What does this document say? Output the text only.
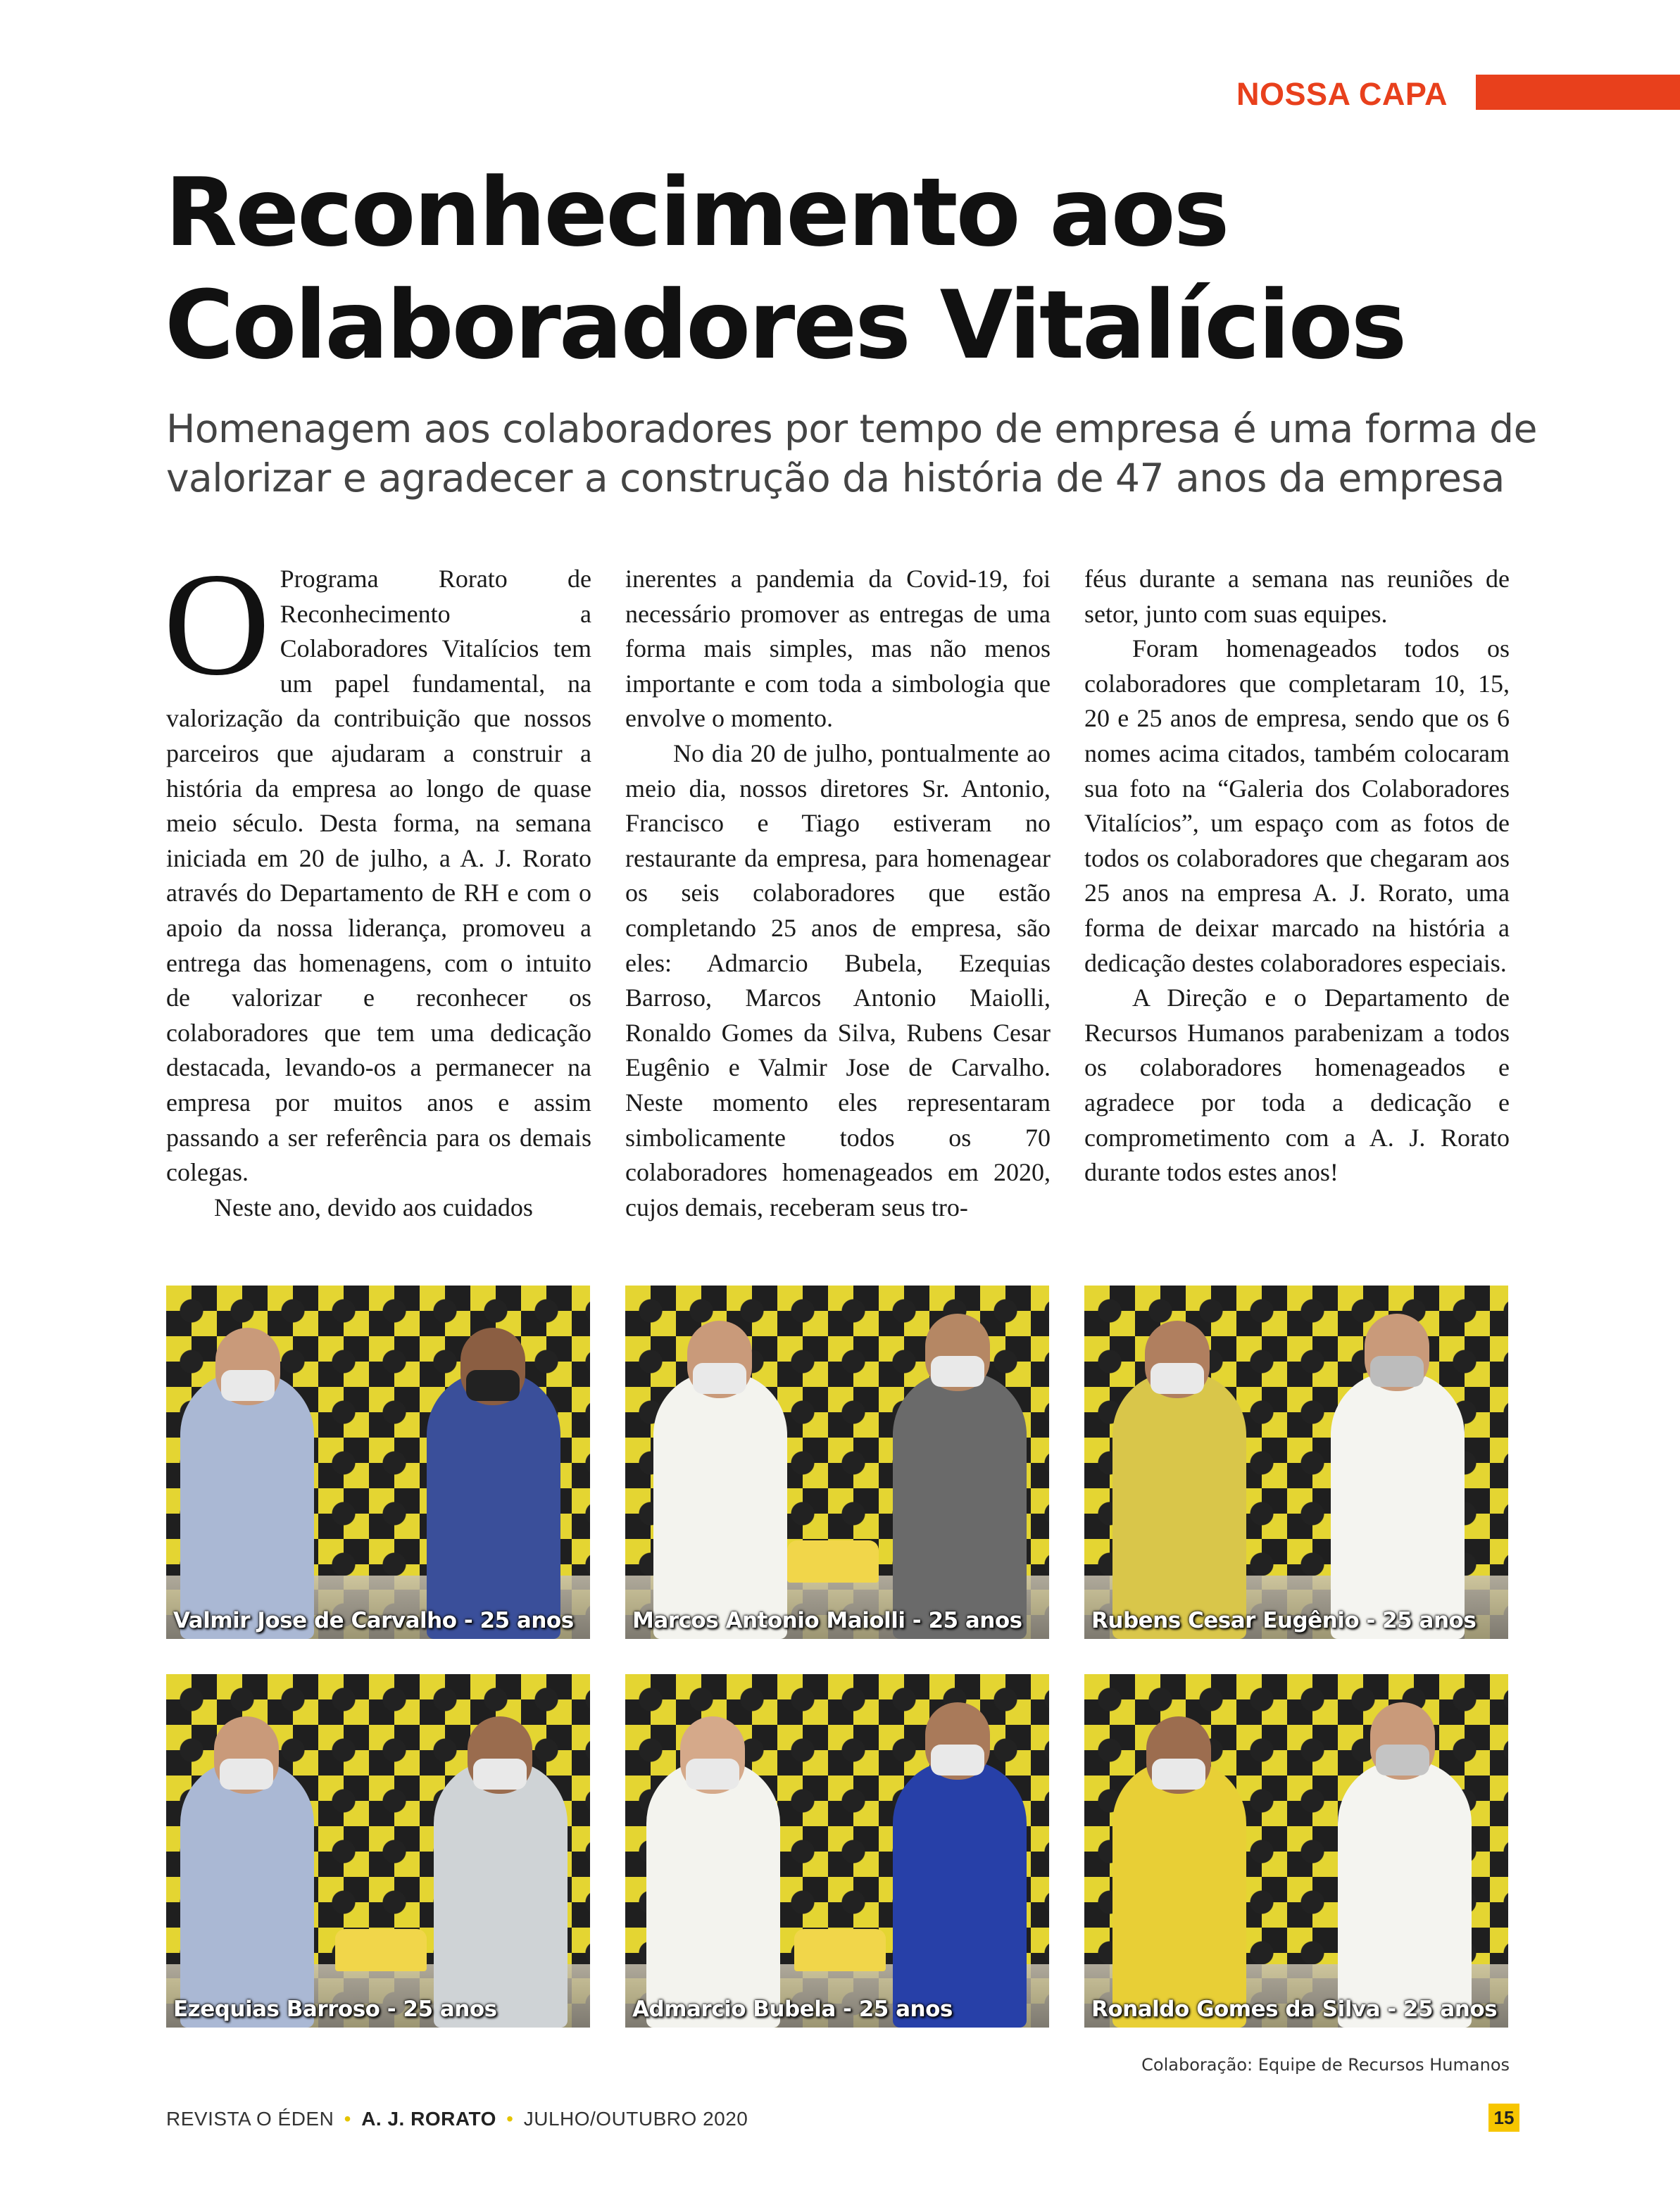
NOSSA CAPA
Reconhecimento aos
Colaboradores Vitalícios
Homenagem aos colaboradores por tempo de empresa é uma forma de
valorizar e agradecer a construção da história de 47 anos da empresa

O Programa Rorato de Reconhecimento a Colaboradores Vitalícios tem um papel fundamental, na valorização da contribuição que nossos parceiros que ajudaram a construir a história da empresa ao longo de quase meio século. Desta forma, na semana iniciada em 20 de julho, a A. J. Rorato através do Departamento de RH e com o apoio da nossa liderança, promoveu a entrega das homenagens, com o intuito de valorizar e reconhecer os colaboradores que tem uma dedicação destacada, levando-os a permanecer na empresa por muitos anos e assim passando a ser referência para os demais colegas.

Neste ano, devido aos cuidados

inerentes a pandemia da Covid-19, foi necessário promover as entregas de uma forma mais simples, mas não menos importante e com toda a simbologia que envolve o momento.

No dia 20 de julho, pontualmente ao meio dia, nossos diretores Sr. Antonio, Francisco e Tiago estiveram no restaurante da empresa, para homenagear os seis colaboradores que estão completando 25 anos de empresa, são eles: Admarcio Bubela, Ezequias Barroso, Marcos Antonio Maiolli, Ronaldo Gomes da Silva, Rubens Cesar Eugênio e Valmir Jose de Carvalho. Neste momento eles representaram simbolicamente todos os 70 colaboradores homenageados em 2020, cujos demais, receberam seus tro-

féus durante a semana nas reuniões de setor, junto com suas equipes.

Foram homenageados todos os colaboradores que completaram 10, 15, 20 e 25 anos de empresa, sendo que os 6 nomes acima citados, também colocaram sua foto na “Galeria dos Colaboradores Vitalícios”, um espaço com as fotos de todos os colaboradores que chegaram aos 25 anos na empresa A. J. Rorato, uma forma de deixar marcado na história a dedicação destes colaboradores especiais.

A Direção e o Departamento de Recursos Humanos parabenizam a todos os colaboradores homenageados e agradece por toda a dedicação e comprometimento com a A. J. Rorato durante todos estes anos!

Valmir Jose de Carvalho - 25 anos	Marcos Antonio Maiolli - 25 anos	Rubens Cesar Eugênio - 25 anos
Ezequias Barroso - 25 anos	Admarcio Bubela - 25 anos	Ronaldo Gomes da Silva - 25 anos
Colaboração: Equipe de Recursos Humanos
REVISTA O ÉDEN • A. J. RORATO • JULHO/OUTUBRO 2020	15
